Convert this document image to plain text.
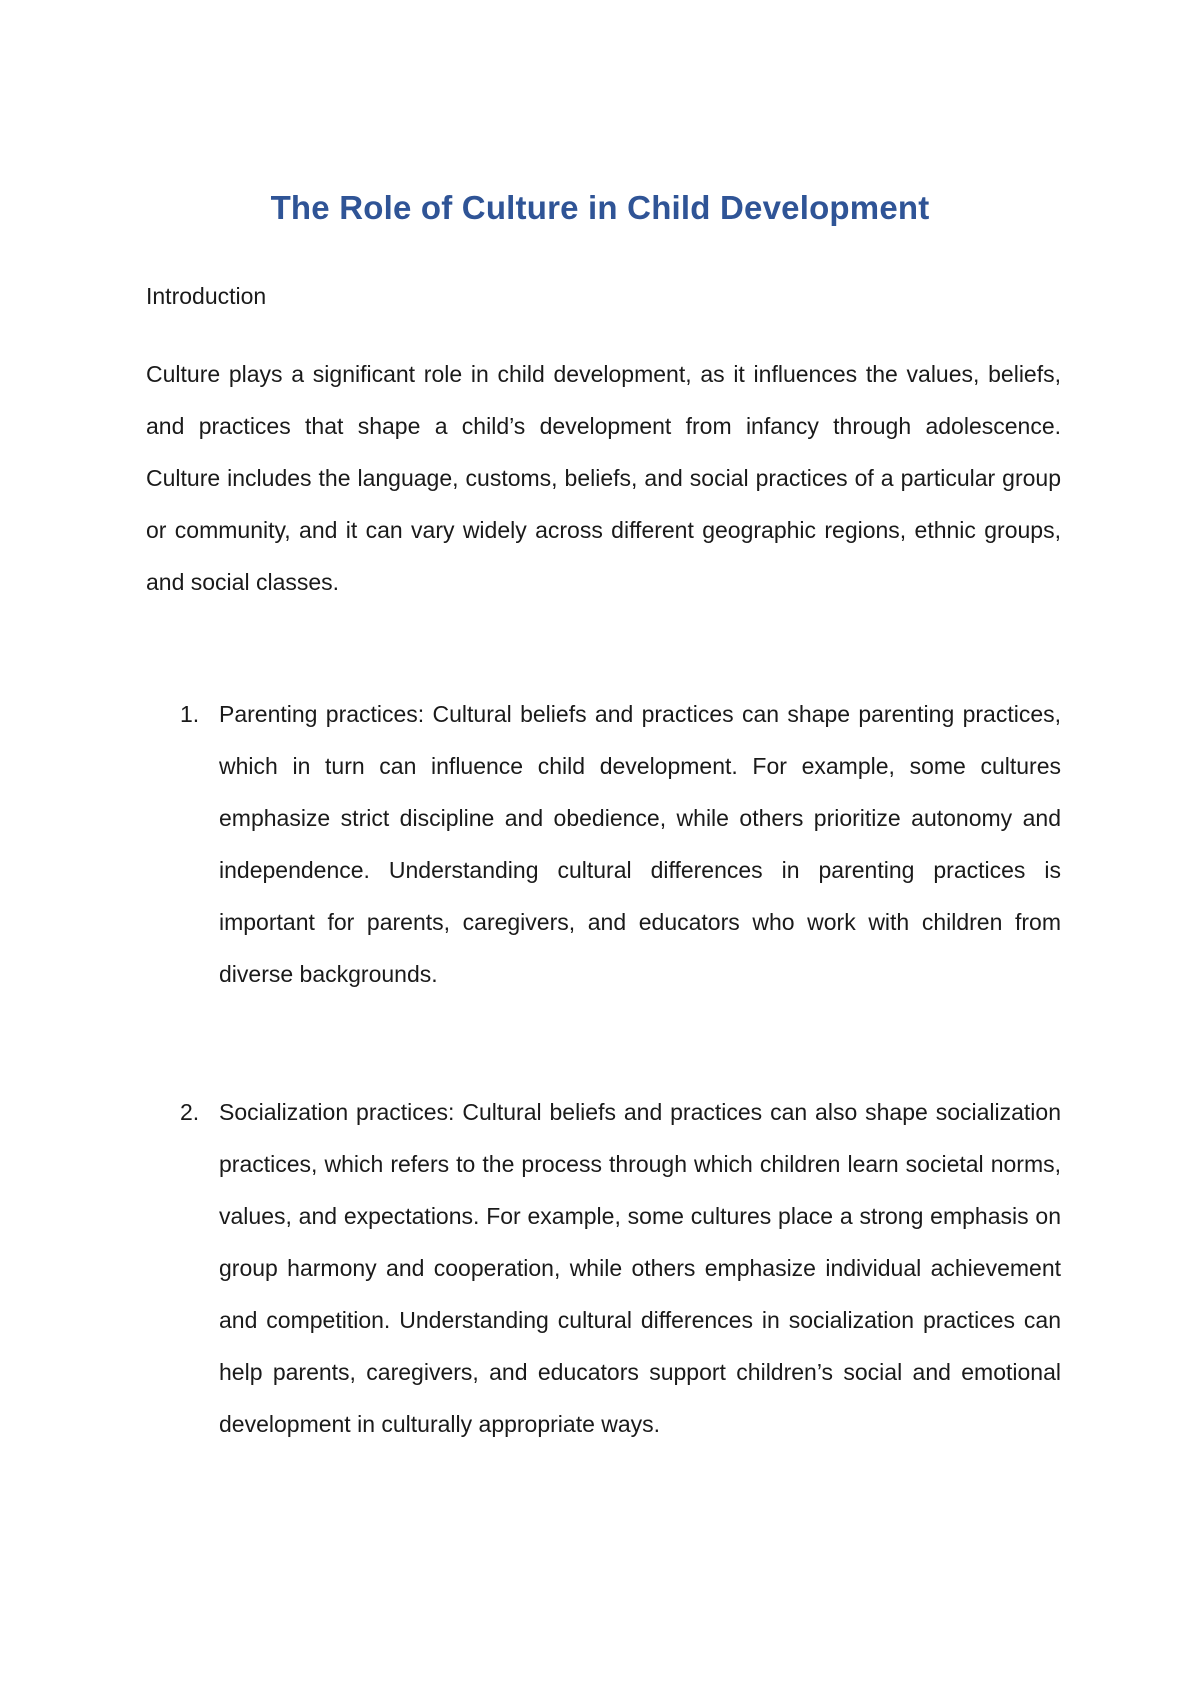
The Role of Culture in Child Development
Introduction

Culture plays a significant role in child development, as it influences the values, beliefs, and practices that shape a child’s development from infancy through adolescence. Culture includes the language, customs, beliefs, and social practices of a particular group or community, and it can vary widely across different geographic regions, ethnic groups, and social classes.

1. Parenting practices: Cultural beliefs and practices can shape parenting practices, which in turn can influence child development. For example, some cultures emphasize strict discipline and obedience, while others prioritize autonomy and independence. Understanding cultural differences in parenting practices is important for parents, caregivers, and educators who work with children from diverse backgrounds.

2. Socialization practices: Cultural beliefs and practices can also shape socialization practices, which refers to the process through which children learn societal norms, values, and expectations. For example, some cultures place a strong emphasis on group harmony and cooperation, while others emphasize individual achievement and competition. Understanding cultural differences in socialization practices can help parents, caregivers, and educators support children’s social and emotional development in culturally appropriate ways.
